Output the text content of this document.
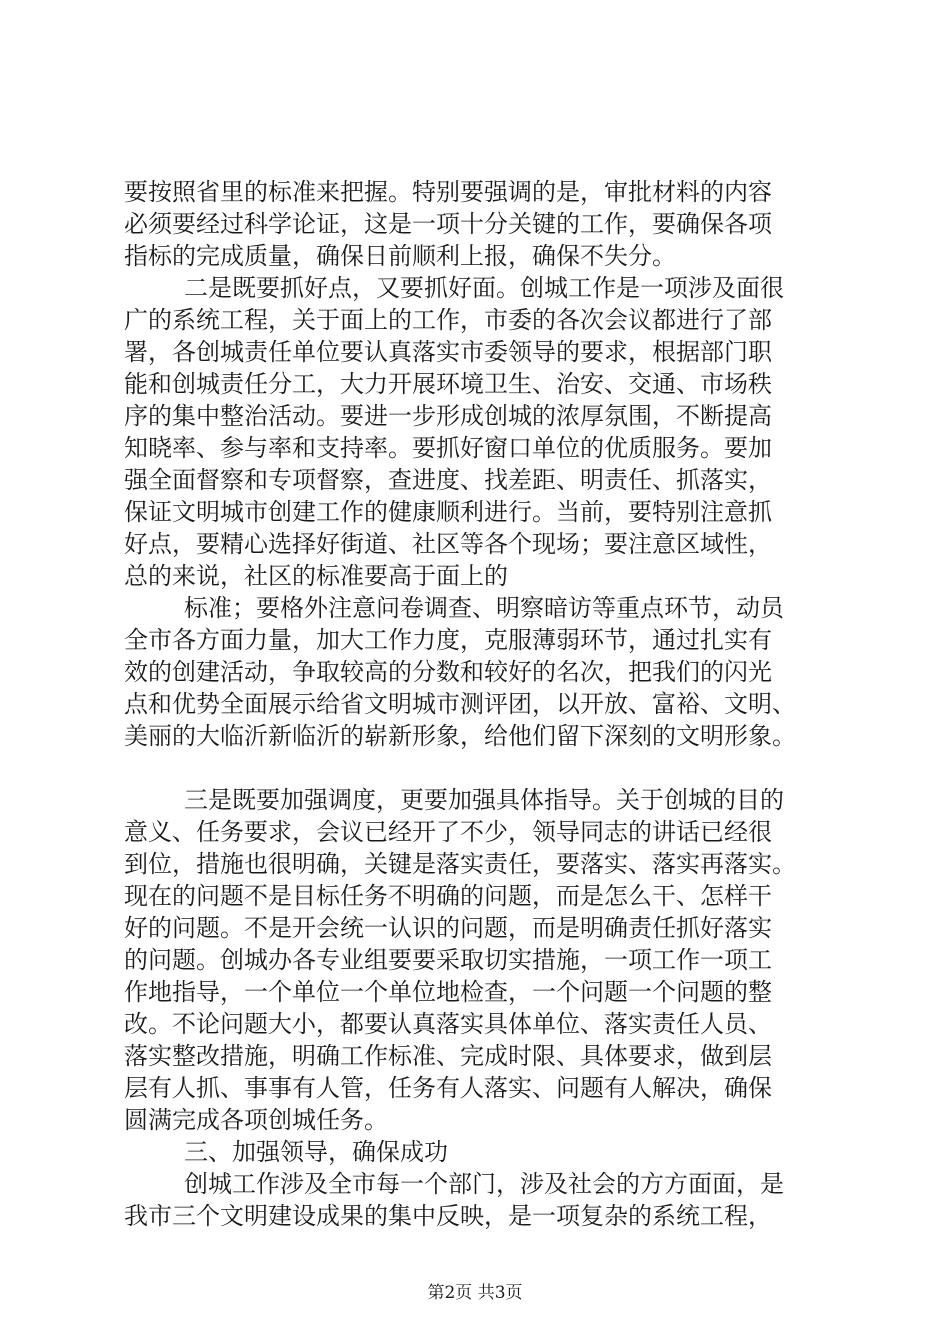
要按照省里的标准来把握。特别要强调的是，审批材料的内容
必须要经过科学论证，这是一项十分关键的工作，要确保各项
指标的完成质量，确保日前顺利上报，确保不失分。
二是既要抓好点，又要抓好面。创城工作是一项涉及面很
广的系统工程，关于面上的工作，市委的各次会议都进行了部
署，各创城责任单位要认真落实市委领导的要求，根据部门职
能和创城责任分工，大力开展环境卫生、治安、交通、市场秩
序的集中整治活动。要进一步形成创城的浓厚氛围，不断提高
知晓率、参与率和支持率。要抓好窗口单位的优质服务。要加
强全面督察和专项督察，查进度、找差距、明责任、抓落实，
保证文明城市创建工作的健康顺利进行。当前，要特别注意抓
好点，要精心选择好街道、社区等各个现场；要注意区域性，
总的来说，社区的标准要高于面上的
标准；要格外注意问卷调查、明察暗访等重点环节，动员
全市各方面力量，加大工作力度，克服薄弱环节，通过扎实有
效的创建活动，争取较高的分数和较好的名次，把我们的闪光
点和优势全面展示给省文明城市测评团，以开放、富裕、文明、
美丽的大临沂新临沂的崭新形象，给他们留下深刻的文明形象。
三是既要加强调度，更要加强具体指导。关于创城的目的
意义、任务要求，会议已经开了不少，领导同志的讲话已经很
到位，措施也很明确，关键是落实责任，要落实、落实再落实。
现在的问题不是目标任务不明确的问题，而是怎么干、怎样干
好的问题。不是开会统一认识的问题，而是明确责任抓好落实
的问题。创城办各专业组要要采取切实措施，一项工作一项工
作地指导，一个单位一个单位地检查，一个问题一个问题的整
改。不论问题大小，都要认真落实具体单位、落实责任人员、
落实整改措施，明确工作标准、完成时限、具体要求，做到层
层有人抓、事事有人管，任务有人落实、问题有人解决，确保
圆满完成各项创城任务。
三、加强领导，确保成功
创城工作涉及全市每一个部门，涉及社会的方方面面，是
我市三个文明建设成果的集中反映，是一项复杂的系统工程，
第2页 共3页
